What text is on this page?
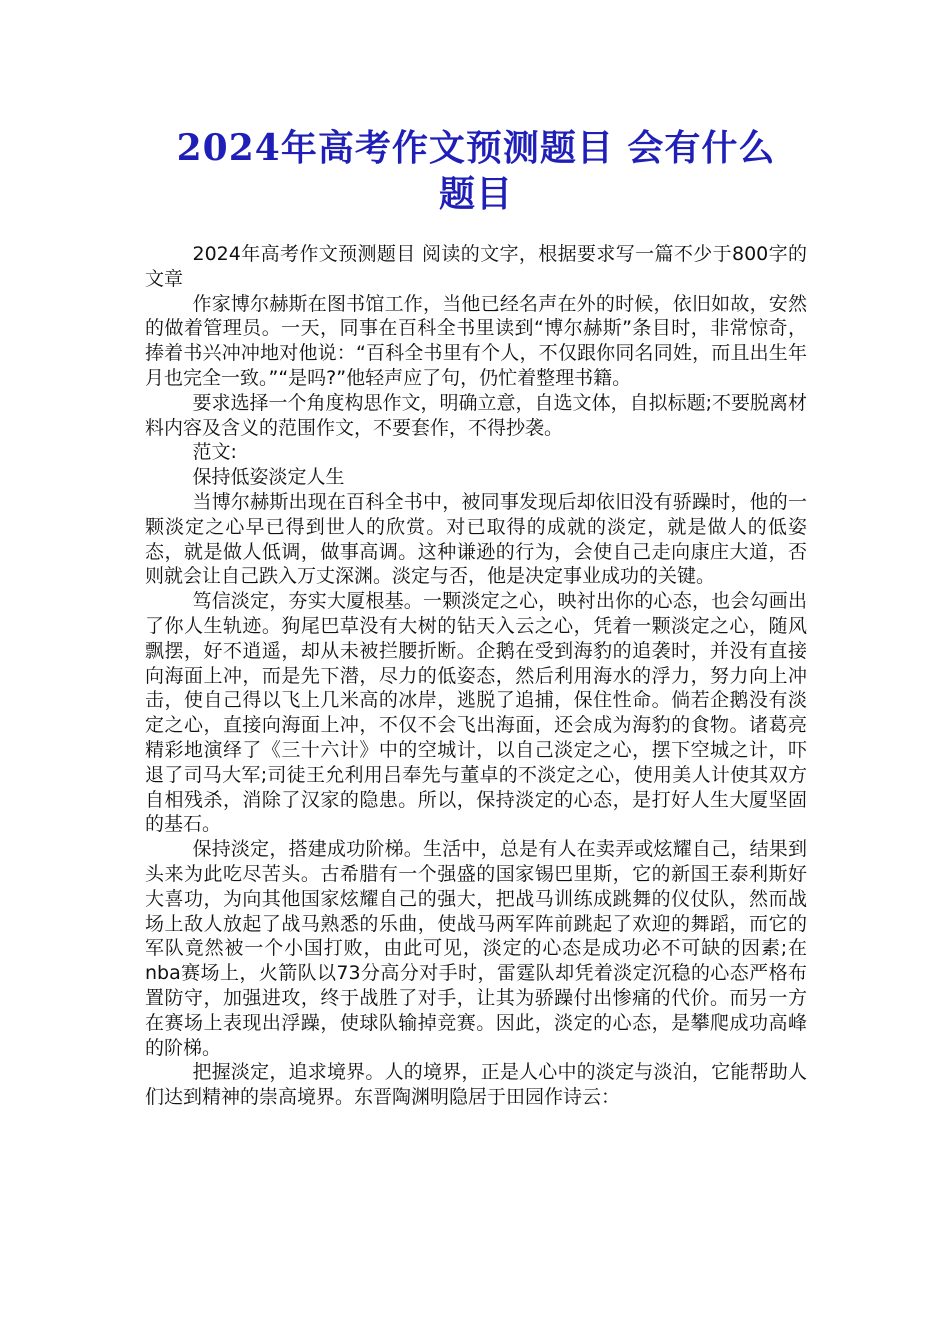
2024年高考作文预测题目 会有什么
题目

2024年高考作文预测题目 阅读的文字，根据要求写一篇不少于800字的文章

作家博尔赫斯在图书馆工作，当他已经名声在外的时候，依旧如故，安然的做着管理员。一天，同事在百科全书里读到“博尔赫斯”条目时，非常惊奇，捧着书兴冲冲地对他说：“百科全书里有个人，不仅跟你同名同姓，而且出生年月也完全一致。”“是吗?”他轻声应了句，仍忙着整理书籍。

要求选择一个角度构思作文，明确立意，自选文体，自拟标题;不要脱离材料内容及含义的范围作文，不要套作，不得抄袭。

范文:

保持低姿淡定人生

当博尔赫斯出现在百科全书中，被同事发现后却依旧没有骄躁时，他的一颗淡定之心早已得到世人的欣赏。对已取得的成就的淡定，就是做人的低姿态，就是做人低调，做事高调。这种谦逊的行为，会使自己走向康庄大道，否则就会让自己跌入万丈深渊。淡定与否，他是决定事业成功的关键。

笃信淡定，夯实大厦根基。一颗淡定之心，映衬出你的心态，也会勾画出了你人生轨迹。狗尾巴草没有大树的钻天入云之心，凭着一颗淡定之心，随风飘摆，好不逍遥，却从未被拦腰折断。企鹅在受到海豹的追袭时，并没有直接向海面上冲，而是先下潜，尽力的低姿态，然后利用海水的浮力，努力向上冲击，使自己得以飞上几米高的冰岸，逃脱了追捕，保住性命。倘若企鹅没有淡定之心，直接向海面上冲，不仅不会飞出海面，还会成为海豹的食物。诸葛亮精彩地演绎了《三十六计》中的空城计，以自己淡定之心，摆下空城之计，吓退了司马大军;司徒王允利用吕奉先与董卓的不淡定之心，使用美人计使其双方自相残杀，消除了汉家的隐患。所以，保持淡定的心态，是打好人生大厦坚固的基石。

保持淡定，搭建成功阶梯。生活中，总是有人在卖弄或炫耀自己，结果到头来为此吃尽苦头。古希腊有一个强盛的国家锡巴里斯，它的新国王泰利斯好大喜功，为向其他国家炫耀自己的强大，把战马训练成跳舞的仪仗队，然而战场上敌人放起了战马熟悉的乐曲，使战马两军阵前跳起了欢迎的舞蹈，而它的军队竟然被一个小国打败，由此可见，淡定的心态是成功必不可缺的因素;在nba赛场上，火箭队以73分高分对手时，雷霆队却凭着淡定沉稳的心态严格布置防守，加强进攻，终于战胜了对手，让其为骄躁付出惨痛的代价。而另一方在赛场上表现出浮躁，使球队输掉竞赛。因此，淡定的心态，是攀爬成功高峰的阶梯。

把握淡定，追求境界。人的境界，正是人心中的淡定与淡泊，它能帮助人们达到精神的崇高境界。东晋陶渊明隐居于田园作诗云：
